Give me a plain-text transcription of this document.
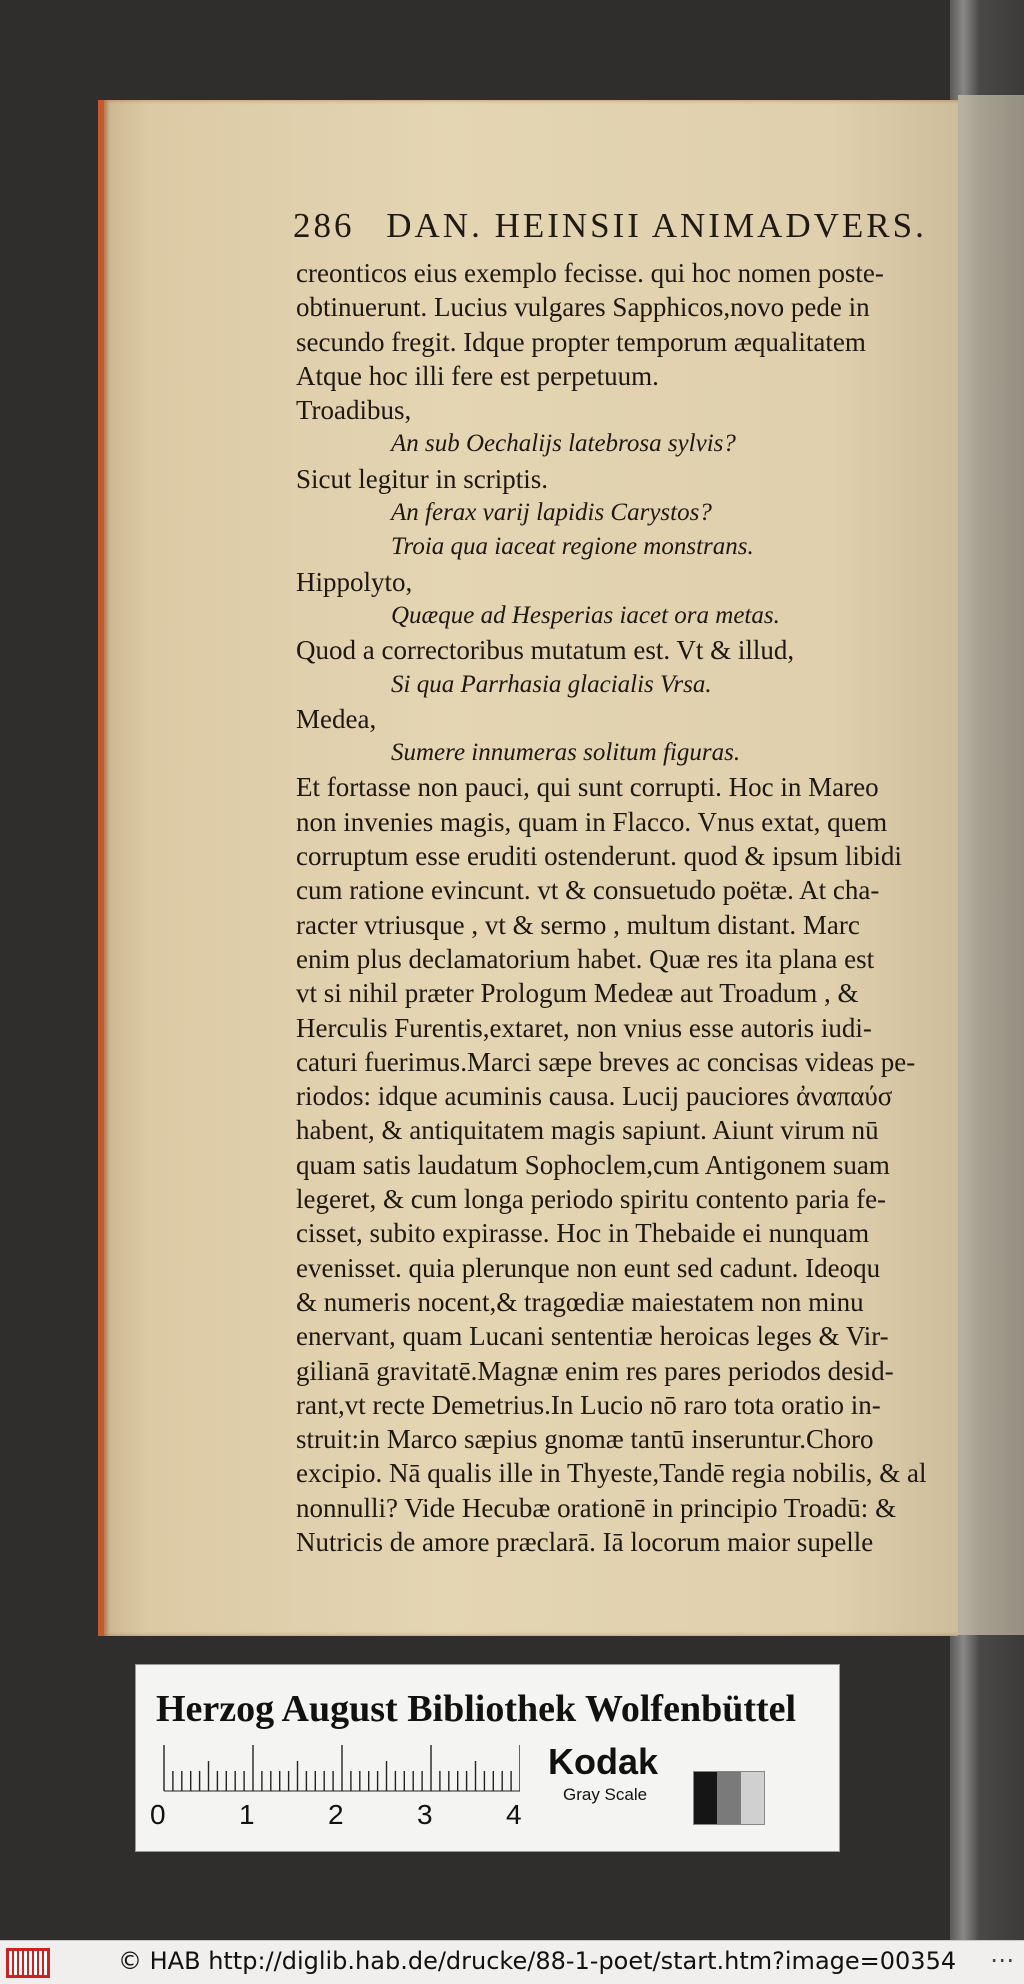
286 DAN. HEINSII ANIMADVERS.
creonticos eius exemplo fecisse. qui hoc nomen poste-
obtinuerunt. Lucius vulgares Sapphicos,novo pede in
secundo fregit. Idque propter temporum æqualitatem
Atque hoc illi fere est perpetuum.
Troadibus,
An sub Oechalijs latebrosa sylvis?
Sicut legitur in scriptis.
An ferax varij lapidis Carystos?
Troia qua iaceat regione monstrans.
Hippolyto,
Quæque ad Hesperias iacet ora metas.
Quod a correctoribus mutatum est. Vt & illud,
Si qua Parrhasia glacialis Vrsa.
Medea,
Sumere innumeras solitum figuras.
Et fortasse non pauci, qui sunt corrupti. Hoc in Mareo
non invenies magis, quam in Flacco. Vnus extat, quem
corruptum esse eruditi ostenderunt. quod & ipsum libidi
cum ratione evincunt. vt & consuetudo poëtæ. At cha-
racter vtriusque , vt & sermo , multum distant. Marc
enim plus declamatorium habet. Quæ res ita plana est
vt si nihil præter Prologum Medeæ aut Troadum , &
Herculis Furentis,extaret, non vnius esse autoris iudi-
caturi fuerimus.Marci sæpe breves ac concisas videas pe-
riodos: idque acuminis causa. Lucij pauciores ἀναπαύσ
habent, & antiquitatem magis sapiunt. Aiunt virum nū
quam satis laudatum Sophoclem,cum Antigonem suam
legeret, & cum longa periodo spiritu contento paria fe-
cisset, subito expirasse. Hoc in Thebaide ei nunquam
evenisset. quia plerunque non eunt sed cadunt. Ideoqu
& numeris nocent,& tragœdiæ maiestatem non minu
enervant, quam Lucani sententiæ heroicas leges & Vir-
gilianā gravitatē.Magnæ enim res pares periodos desid-
rant,vt recte Demetrius.In Lucio nō raro tota oratio in-
struit:in Marco sæpius gnomæ tantū inseruntur.Choro
excipio. Nā qualis ille in Thyeste,Tandē regia nobilis, & al
nonnulli? Vide Hecubæ orationē in principio Troadū: &
Nutricis de amore præclarā. Iā locorum maior supelle
Herzog August Bibliothek Wolfenbüttel
0	1	2	3	4
Kodak
Gray Scale
© HAB http://diglib.hab.de/drucke/88-1-poet/start.htm?image=00354 ⋯
